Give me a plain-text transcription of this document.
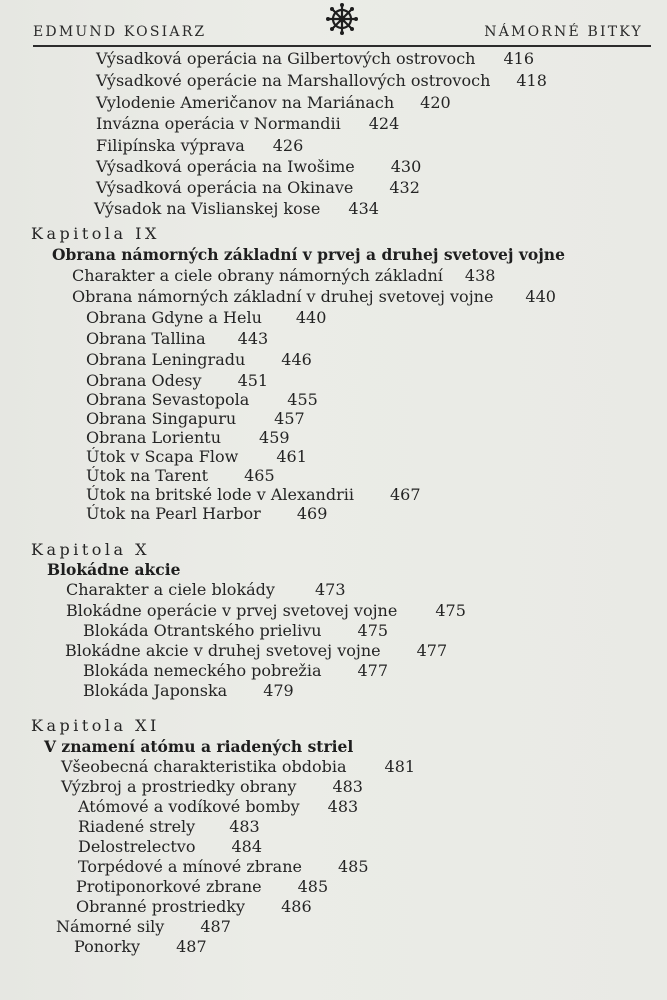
EDMUND KOSIARZ	NÁMORNÉ BITKY
Výsadková operácia na Gilbertových ostrovoch 416
Výsadkové operácie na Marshallových ostrovoch 418
Vylodenie Američanov na Mariánach 420
Invázna operácia v Normandii 424
Filipínska výprava 426
Výsadková operácia na Iwošime 430
Výsadková operácia na Okinave 432
Výsadok na Vislianskej kose 434
Kapitola IX
Obrana námorných základní v prvej a druhej svetovej vojne
Charakter a ciele obrany námorných základní 438
Obrana námorných základní v druhej svetovej vojne 440
Obrana Gdyne a Helu 440
Obrana Tallina 443
Obrana Leningradu 446
Obrana Odesy 451
Obrana Sevastopola 455
Obrana Singapuru 457
Obrana Lorientu 459
Útok v Scapa Flow 461
Útok na Tarent 465
Útok na britské lode v Alexandrii 467
Útok na Pearl Harbor 469
Kapitola X
Blokádne akcie
Charakter a ciele blokády	473
Blokádne operácie v prvej svetovej vojne 475
Blokáda Otrantského prielivu 475
Blokádne akcie v druhej svetovej vojne 477
Blokáda nemeckého pobrežia 477
Blokáda Japonska 479
Kapitola XI
V znamení atómu a riadených striel
Všeobecná charakteristika obdobia 481
Výzbroj a prostriedky obrany 483
Atómové a vodíkové bomby 483
Riadené strely 483
Delostrelectvo 484
Torpédové a mínové zbrane 485
Protiponorkové zbrane 485
Obranné prostriedky 486
Námorné sily 487
Ponorky 487
